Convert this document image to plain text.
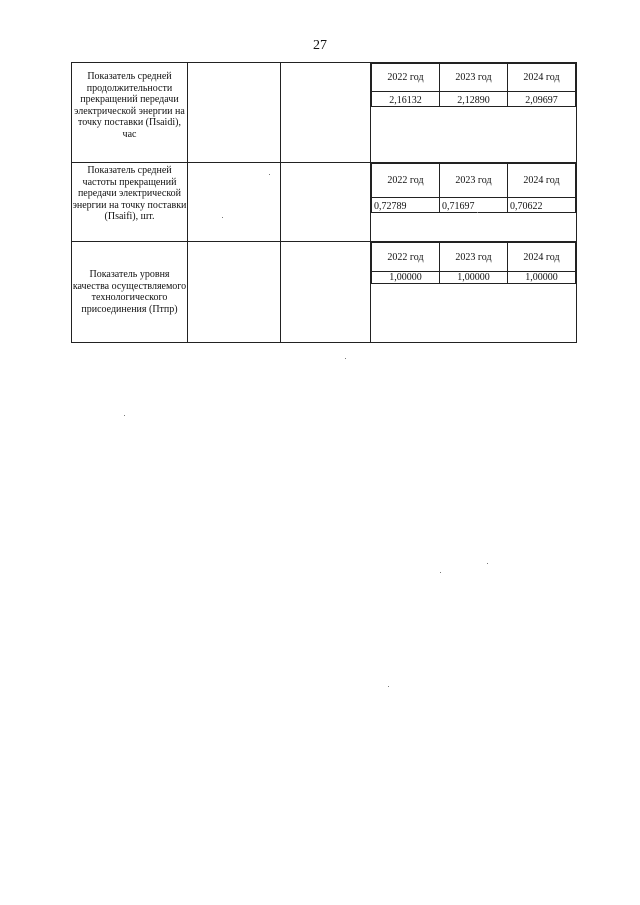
27
Показатель средней продолжительности прекращений передачи электрической энергии на точку поставки (Пsaidi), час

2022 год	2023 год	2024 год
2,16132	2,12890	2,09697

Показатель средней частоты прекращений передачи электрической энергии на точку поставки (Пsaifi), шт.

2022 год	2023 год	2024 год
0,72789	0,71697	0,70622

Показатель уровня качества осуществляемого технологического присоединения (Птпр)

2022 год	2023 год	2024 год
1,00000	1,00000	1,00000
